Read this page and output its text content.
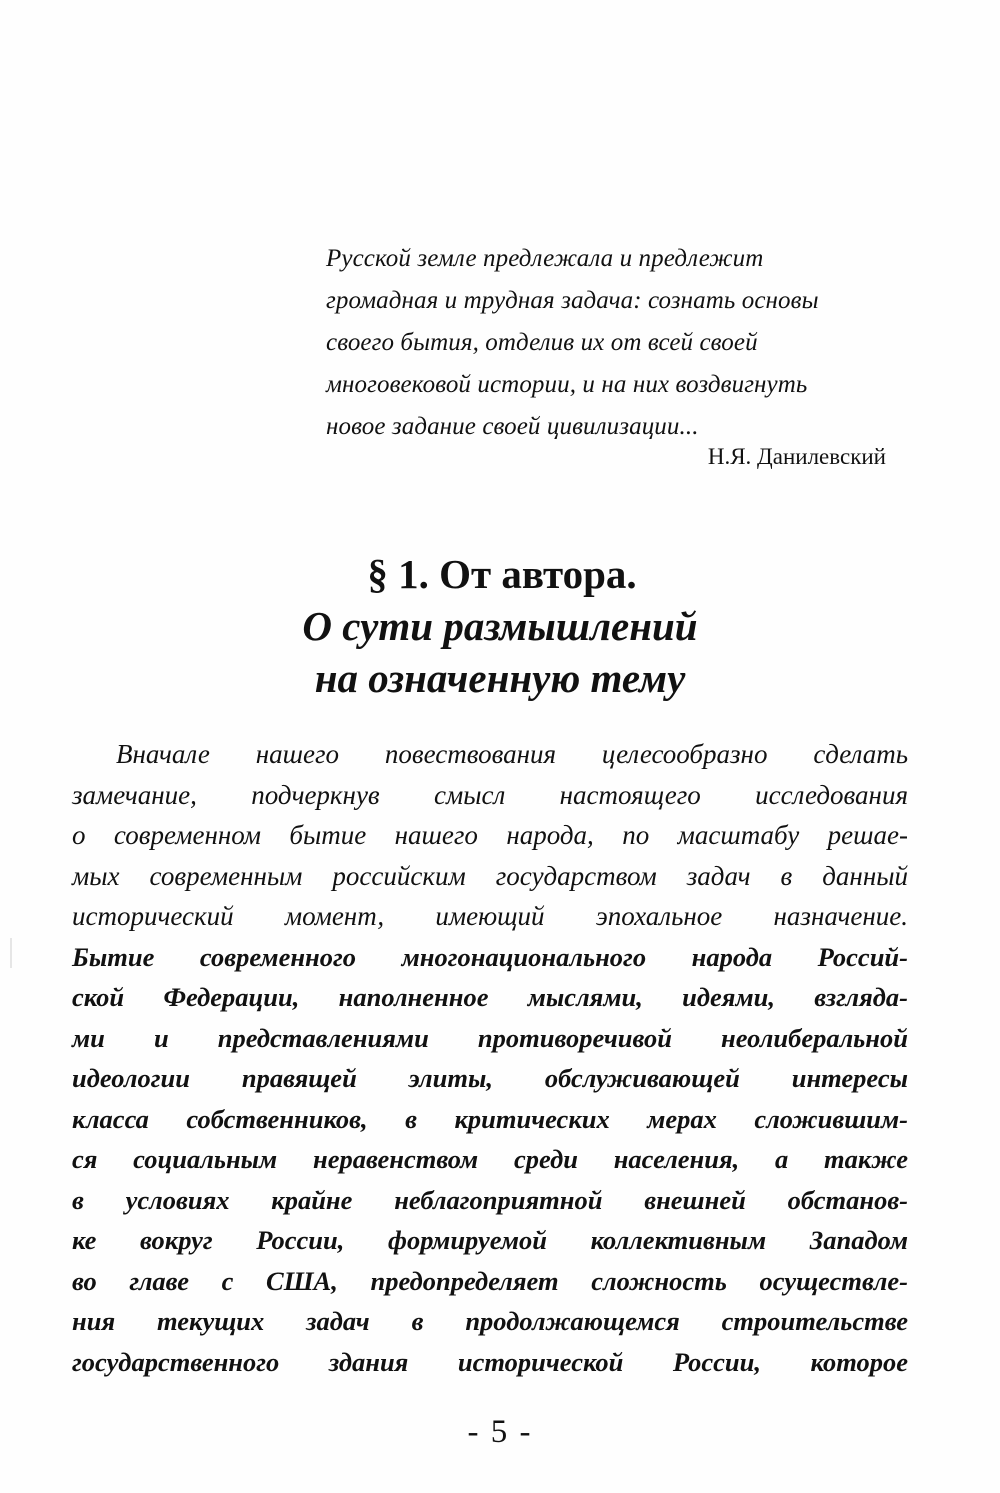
Русской земле предлежала и предлежит
громадная и трудная задача: сознать основы
своего бытия, отделив их от всей своей
многовековой истории, и на них воздвигнуть
новое задание своей цивилизации...
Н.Я. Данилевский
§ 1. От автора.
О сути размышлений
на означенную тему
Вначале нашего повествования целесообразно сделать
замечание, подчеркнув смысл настоящего исследования
о современном бытие нашего народа, по масштабу решае-
мых современным российским государством задач в данный
исторический момент, имеющий эпохальное назначение.
Бытие современного многонационального народа Россий-
ской Федерации, наполненное мыслями, идеями, взгляда-
ми и представлениями противоречивой неолиберальной
идеологии правящей элиты, обслуживающей интересы
класса собственников, в критических мерах сложившим-
ся социальным неравенством среди населения, а также
в условиях крайне неблагоприятной внешней обстанов-
ке вокруг России, формируемой коллективным Западом
во главе с США, предопределяет сложность осуществле-
ния текущих задач в продолжающемся строительстве
государственного здания исторической России, которое
- 5 -
